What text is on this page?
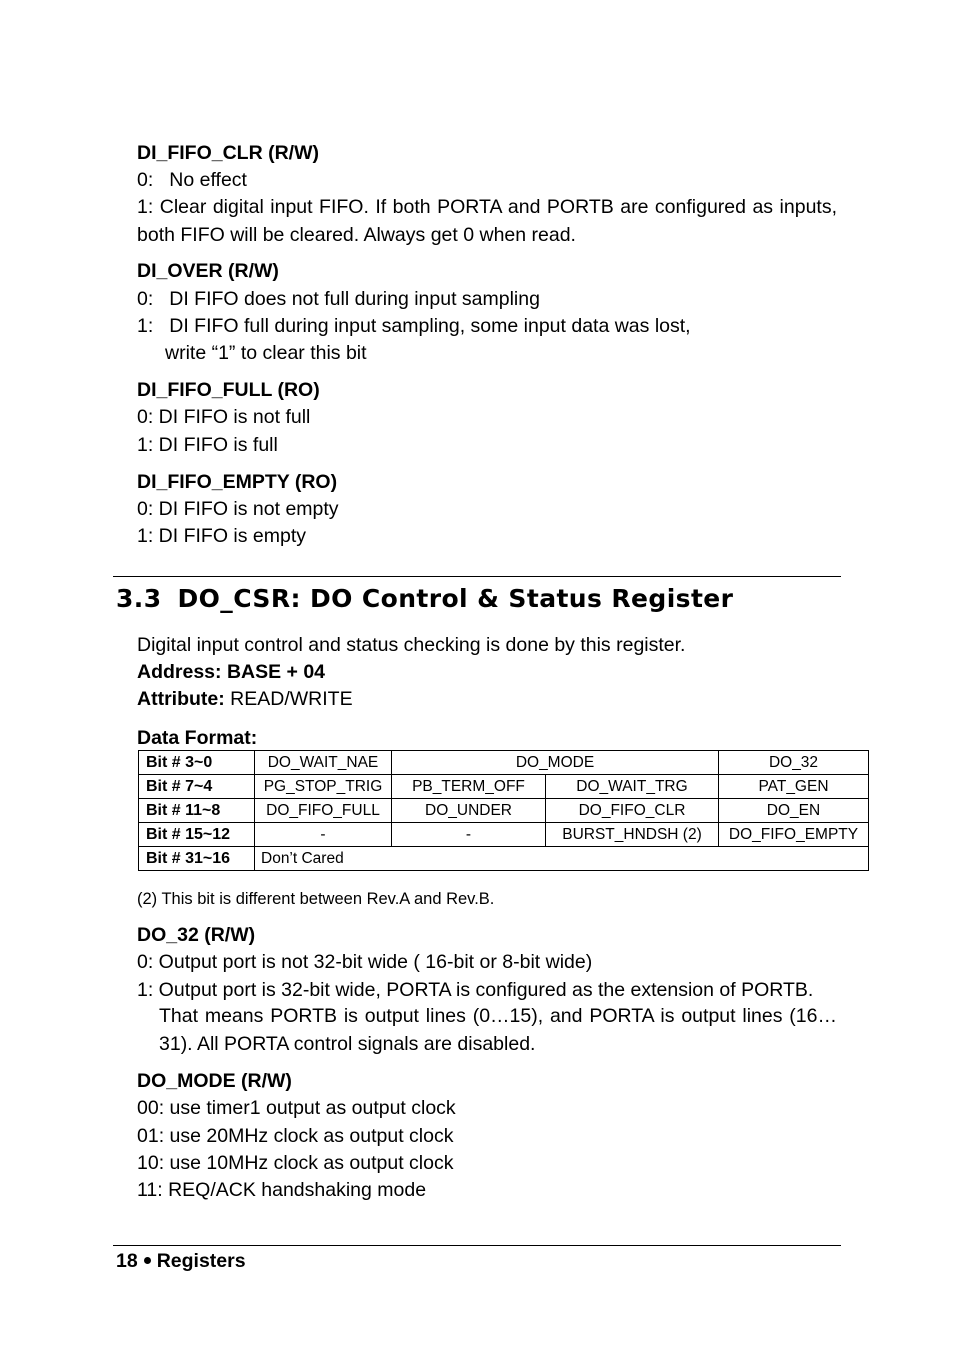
DI_FIFO_CLR (R/W)
0: No effect
1: Clear digital input FIFO. If both PORTA and PORTB are configured as inputs, both FIFO will be cleared. Always get 0 when read.
DI_OVER (R/W)
0: DI FIFO does not full during input sampling
1: DI FIFO full during input sampling, some input data was lost,
write “1” to clear this bit
DI_FIFO_FULL (RO)
0: DI FIFO is not full
1: DI FIFO is full
DI_FIFO_EMPTY (RO)
0: DI FIFO is not empty
1: DI FIFO is empty
3.3 DO_CSR: DO Control & Status Register
Digital input control and status checking is done by this register.
Address: BASE + 04
Attribute: READ/WRITE
Data Format:
Bit # 3~0	DO_WAIT_NAE	DO_MODE		DO_32
Bit # 7~4	PG_STOP_TRIG	PB_TERM_OFF	DO_WAIT_TRG	PAT_GEN
Bit # 11~8	DO_FIFO_FULL	DO_UNDER	DO_FIFO_CLR	DO_EN
Bit # 15~12	-	-	BURST_HNDSH (2)	DO_FIFO_EMPTY
Bit # 31~16	Don’t Cared			
(2) This bit is different between Rev.A and Rev.B.
DO_32 (R/W)
0: Output port is not 32-bit wide ( 16-bit or 8-bit wide)
1: Output port is 32-bit wide, PORTA is configured as the extension of PORTB.
That means PORTB is output lines (0…15), and PORTA is output lines (16…31). All PORTA control signals are disabled.
DO_MODE (R/W)
00: use timer1 output as output clock
01: use 20MHz clock as output clock
10: use 10MHz clock as output clock
11: REQ/ACK handshaking mode
18 Registers
